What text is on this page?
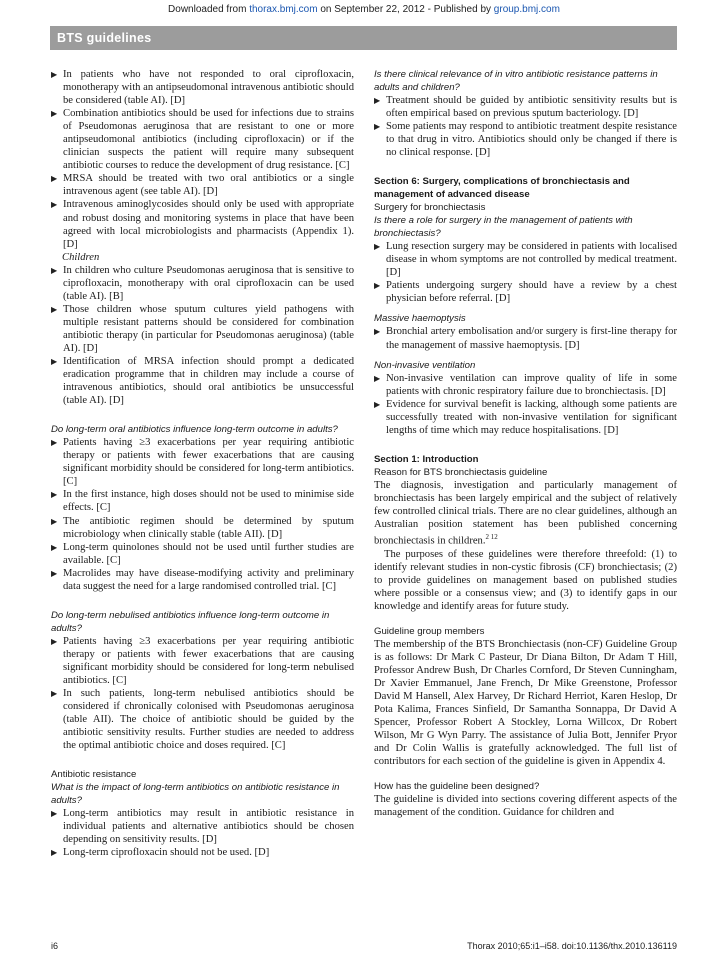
Downloaded from thorax.bmj.com on September 22, 2012 - Published by group.bmj.com
BTS guidelines

▶ In patients who have not responded to oral ciprofloxacin, monotherapy with an antipseudomonal intravenous antibiotic should be considered (table AI). [D]

▶ Combination antibiotics should be used for infections due to strains of Pseudomonas aeruginosa that are resistant to one or more antipseudomonal antibiotics (including ciprofloxacin) or if the clinician suspects the patient will require many subsequent antibiotic courses to reduce the development of drug resistance. [C]

▶ MRSA should be treated with two oral antibiotics or a single intravenous agent (see table AI). [D]

▶ Intravenous aminoglycosides should only be used with appropriate and robust dosing and monitoring systems in place that have been agreed with local microbiologists and pharmacists (Appendix 1). [D]

Children

▶ In children who culture Pseudomonas aeruginosa that is sensitive to ciprofloxacin, monotherapy with oral ciprofloxacin can be used (table AI). [B]

▶ Those children whose sputum cultures yield pathogens with multiple resistant patterns should be considered for combination antibiotic therapy (in particular for Pseudomonas aeruginosa) (table AI). [D]

▶ Identification of MRSA infection should prompt a dedicated eradication programme that in children may include a course of intravenous antibiotics, should oral antibiotics be unsuccessful (table AI). [D]

Do long-term oral antibiotics influence long-term outcome in adults?

▶ Patients having ≥3 exacerbations per year requiring antibiotic therapy or patients with fewer exacerbations that are causing significant morbidity should be considered for long-term antibiotics. [C]

▶ In the first instance, high doses should not be used to minimise side effects. [C]

▶ The antibiotic regimen should be determined by sputum microbiology when clinically stable (table AII). [D]

▶ Long-term quinolones should not be used until further studies are available. [C]

▶ Macrolides may have disease-modifying activity and preliminary data suggest the need for a large randomised controlled trial. [C]

Do long-term nebulised antibiotics influence long-term outcome in adults?

▶ Patients having ≥3 exacerbations per year requiring antibiotic therapy or patients with fewer exacerbations that are causing significant morbidity should be considered for long-term nebulised antibiotics. [C]

▶ In such patients, long-term nebulised antibiotics should be considered if chronically colonised with Pseudomonas aeruginosa (table AII). The choice of antibiotic should be guided by the antibiotic sensitivity results. Further studies are needed to address the optimal antibiotic choice and doses required. [C]

Antibiotic resistance

What is the impact of long-term antibiotics on antibiotic resistance in adults?

▶ Long-term antibiotics may result in antibiotic resistance in individual patients and alternative antibiotics should be chosen depending on sensitivity results. [D]

▶ Long-term ciprofloxacin should not be used. [D]

Is there clinical relevance of in vitro antibiotic resistance patterns in adults and children?

▶ Treatment should be guided by antibiotic sensitivity results but is often empirical based on previous sputum bacteriology. [D]

▶ Some patients may respond to antibiotic treatment despite resistance to that drug in vitro. Antibiotics should only be changed if there is no clinical response. [D]

Section 6: Surgery, complications of bronchiectasis and management of advanced disease

Surgery for bronchiectasis

Is there a role for surgery in the management of patients with bronchiectasis?

▶ Lung resection surgery may be considered in patients with localised disease in whom symptoms are not controlled by medical treatment. [D]

▶ Patients undergoing surgery should have a review by a chest physician before referral. [D]

Massive haemoptysis

▶ Bronchial artery embolisation and/or surgery is first-line therapy for the management of massive haemoptysis. [D]

Non-invasive ventilation

▶ Non-invasive ventilation can improve quality of life in some patients with chronic respiratory failure due to bronchiectasis. [D]

▶ Evidence for survival benefit is lacking, although some patients are successfully treated with non-invasive ventilation for significant lengths of time which may reduce hospitalisations. [D]

Section 1: Introduction

Reason for BTS bronchiectasis guideline

The diagnosis, investigation and particularly management of bronchiectasis has been largely empirical and the subject of relatively few controlled clinical trials. There are no clear guidelines, although an Australian position statement has been published concerning bronchiectasis in children.$^{2 12}$

The purposes of these guidelines were therefore threefold: (1) to identify relevant studies in non-cystic fibrosis (CF) bronchiectasis; (2) to provide guidelines on management based on published studies where possible or a consensus view; and (3) to identify gaps in our knowledge and identify areas for future study.

Guideline group members

The membership of the BTS Bronchiectasis (non-CF) Guideline Group is as follows: Dr Mark C Pasteur, Dr Diana Bilton, Dr Adam T Hill, Professor Andrew Bush, Dr Charles Cornford, Dr Steven Cunningham, Dr Xavier Emmanuel, Jane French, Dr Mike Greenstone, Professor David M Hansell, Alex Harvey, Dr Richard Herriot, Karen Heslop, Dr Pota Kalima, Frances Sinfield, Dr Samantha Sonnappa, Dr David A Spencer, Professor Robert A Stockley, Lorna Willcox, Dr Robert Wilson, Mr G Wyn Parry. The assistance of Julia Bott, Jennifer Pryor and Dr Colin Wallis is gratefully acknowledged. The full list of contributors for each section of the guideline is given in Appendix 4.

How has the guideline been designed?

The guideline is divided into sections covering different aspects of the management of the condition. Guidance for children and

i6	Thorax 2010;65:i1–i58. doi:10.1136/thx.2010.136119
